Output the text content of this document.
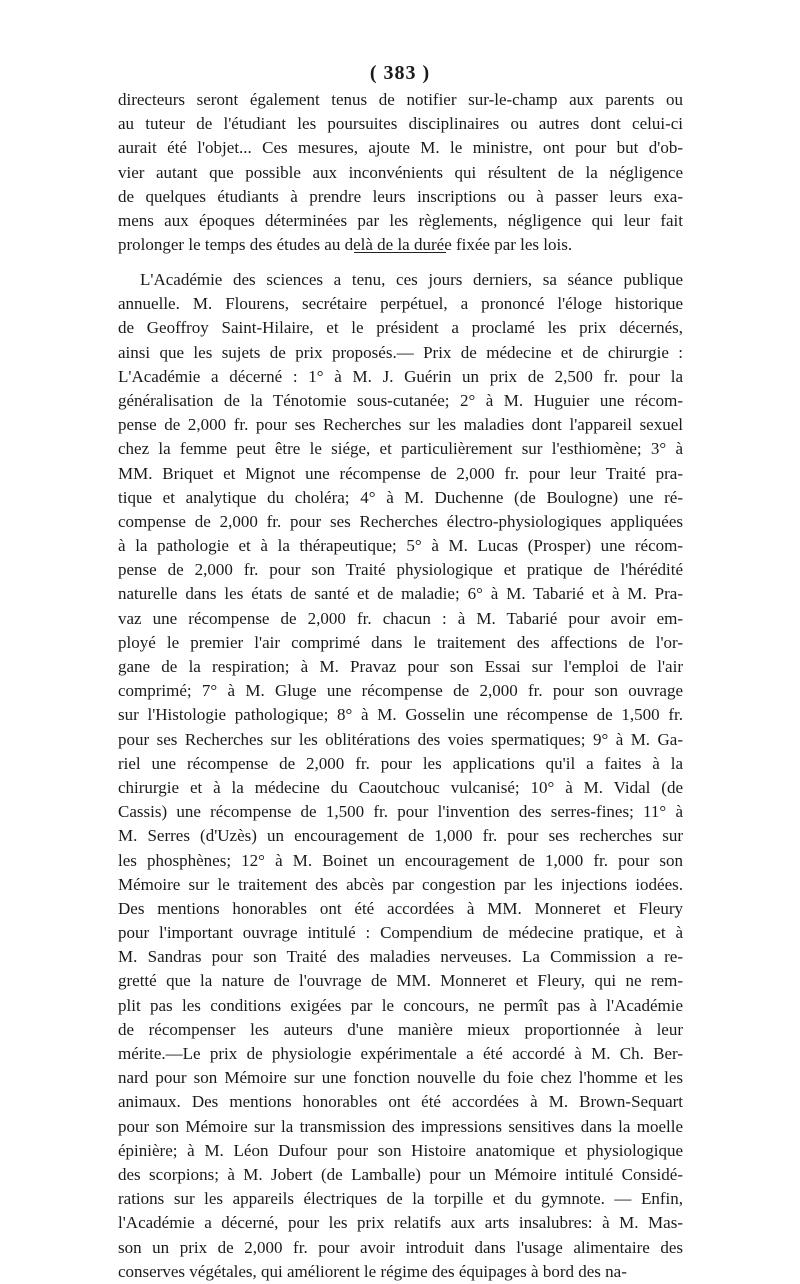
( 383 )
directeurs seront également tenus de notifier sur-le-champ aux parents ou
au tuteur de l'étudiant les poursuites disciplinaires ou autres dont celui-ci
aurait été l'objet... Ces mesures, ajoute M. le ministre, ont pour but d'ob-
vier autant que possible aux inconvénients qui résultent de la négligence
de quelques étudiants à prendre leurs inscriptions ou à passer leurs exa-
mens aux époques déterminées par les règlements, négligence qui leur fait
prolonger le temps des études au delà de la durée fixée par les lois.
L'Académie des sciences a tenu, ces jours derniers, sa séance publique
annuelle. M. Flourens, secrétaire perpétuel, a prononcé l'éloge historique
de Geoffroy Saint-Hilaire, et le président a proclamé les prix décernés,
ainsi que les sujets de prix proposés.— Prix de médecine et de chirurgie :
L'Académie a décerné : 1° à M. J. Guérin un prix de 2,500 fr. pour la
généralisation de la Ténotomie sous-cutanée; 2° à M. Huguier une récom-
pense de 2,000 fr. pour ses Recherches sur les maladies dont l'appareil sexuel
chez la femme peut être le siége, et particulièrement sur l'esthiomène; 3° à
MM. Briquet et Mignot une récompense de 2,000 fr. pour leur Traité pra-
tique et analytique du choléra; 4° à M. Duchenne (de Boulogne) une ré-
compense de 2,000 fr. pour ses Recherches électro-physiologiques appliquées
à la pathologie et à la thérapeutique; 5° à M. Lucas (Prosper) une récom-
pense de 2,000 fr. pour son Traité physiologique et pratique de l'hérédité
naturelle dans les états de santé et de maladie; 6° à M. Tabarié et à M. Pra-
vaz une récompense de 2,000 fr. chacun : à M. Tabarié pour avoir em-
ployé le premier l'air comprimé dans le traitement des affections de l'or-
gane de la respiration; à M. Pravaz pour son Essai sur l'emploi de l'air
comprimé; 7° à M. Gluge une récompense de 2,000 fr. pour son ouvrage
sur l'Histologie pathologique; 8° à M. Gosselin une récompense de 1,500 fr.
pour ses Recherches sur les oblitérations des voies spermatiques; 9° à M. Ga-
riel une récompense de 2,000 fr. pour les applications qu'il a faites à la
chirurgie et à la médecine du Caoutchouc vulcanisé; 10° à M. Vidal (de
Cassis) une récompense de 1,500 fr. pour l'invention des serres-fines; 11° à
M. Serres (d'Uzès) un encouragement de 1,000 fr. pour ses recherches sur
les phosphènes; 12° à M. Boinet un encouragement de 1,000 fr. pour son
Mémoire sur le traitement des abcès par congestion par les injections iodées.
Des mentions honorables ont été accordées à MM. Monneret et Fleury
pour l'important ouvrage intitulé : Compendium de médecine pratique, et à
M. Sandras pour son Traité des maladies nerveuses. La Commission a re-
gretté que la nature de l'ouvrage de MM. Monneret et Fleury, qui ne rem-
plit pas les conditions exigées par le concours, ne permît pas à l'Académie
de récompenser les auteurs d'une manière mieux proportionnée à leur
mérite.—Le prix de physiologie expérimentale a été accordé à M. Ch. Ber-
nard pour son Mémoire sur une fonction nouvelle du foie chez l'homme et les
animaux. Des mentions honorables ont été accordées à M. Brown-Sequart
pour son Mémoire sur la transmission des impressions sensitives dans la moelle
épinière; à M. Léon Dufour pour son Histoire anatomique et physiologique
des scorpions; à M. Jobert (de Lamballe) pour un Mémoire intitulé Considé-
rations sur les appareils électriques de la torpille et du gymnote. — Enfin,
l'Académie a décerné, pour les prix relatifs aux arts insalubres: à M. Mas-
son un prix de 2,000 fr. pour avoir introduit dans l'usage alimentaire des
conserves végétales, qui améliorent le régime des équipages à bord des na-
